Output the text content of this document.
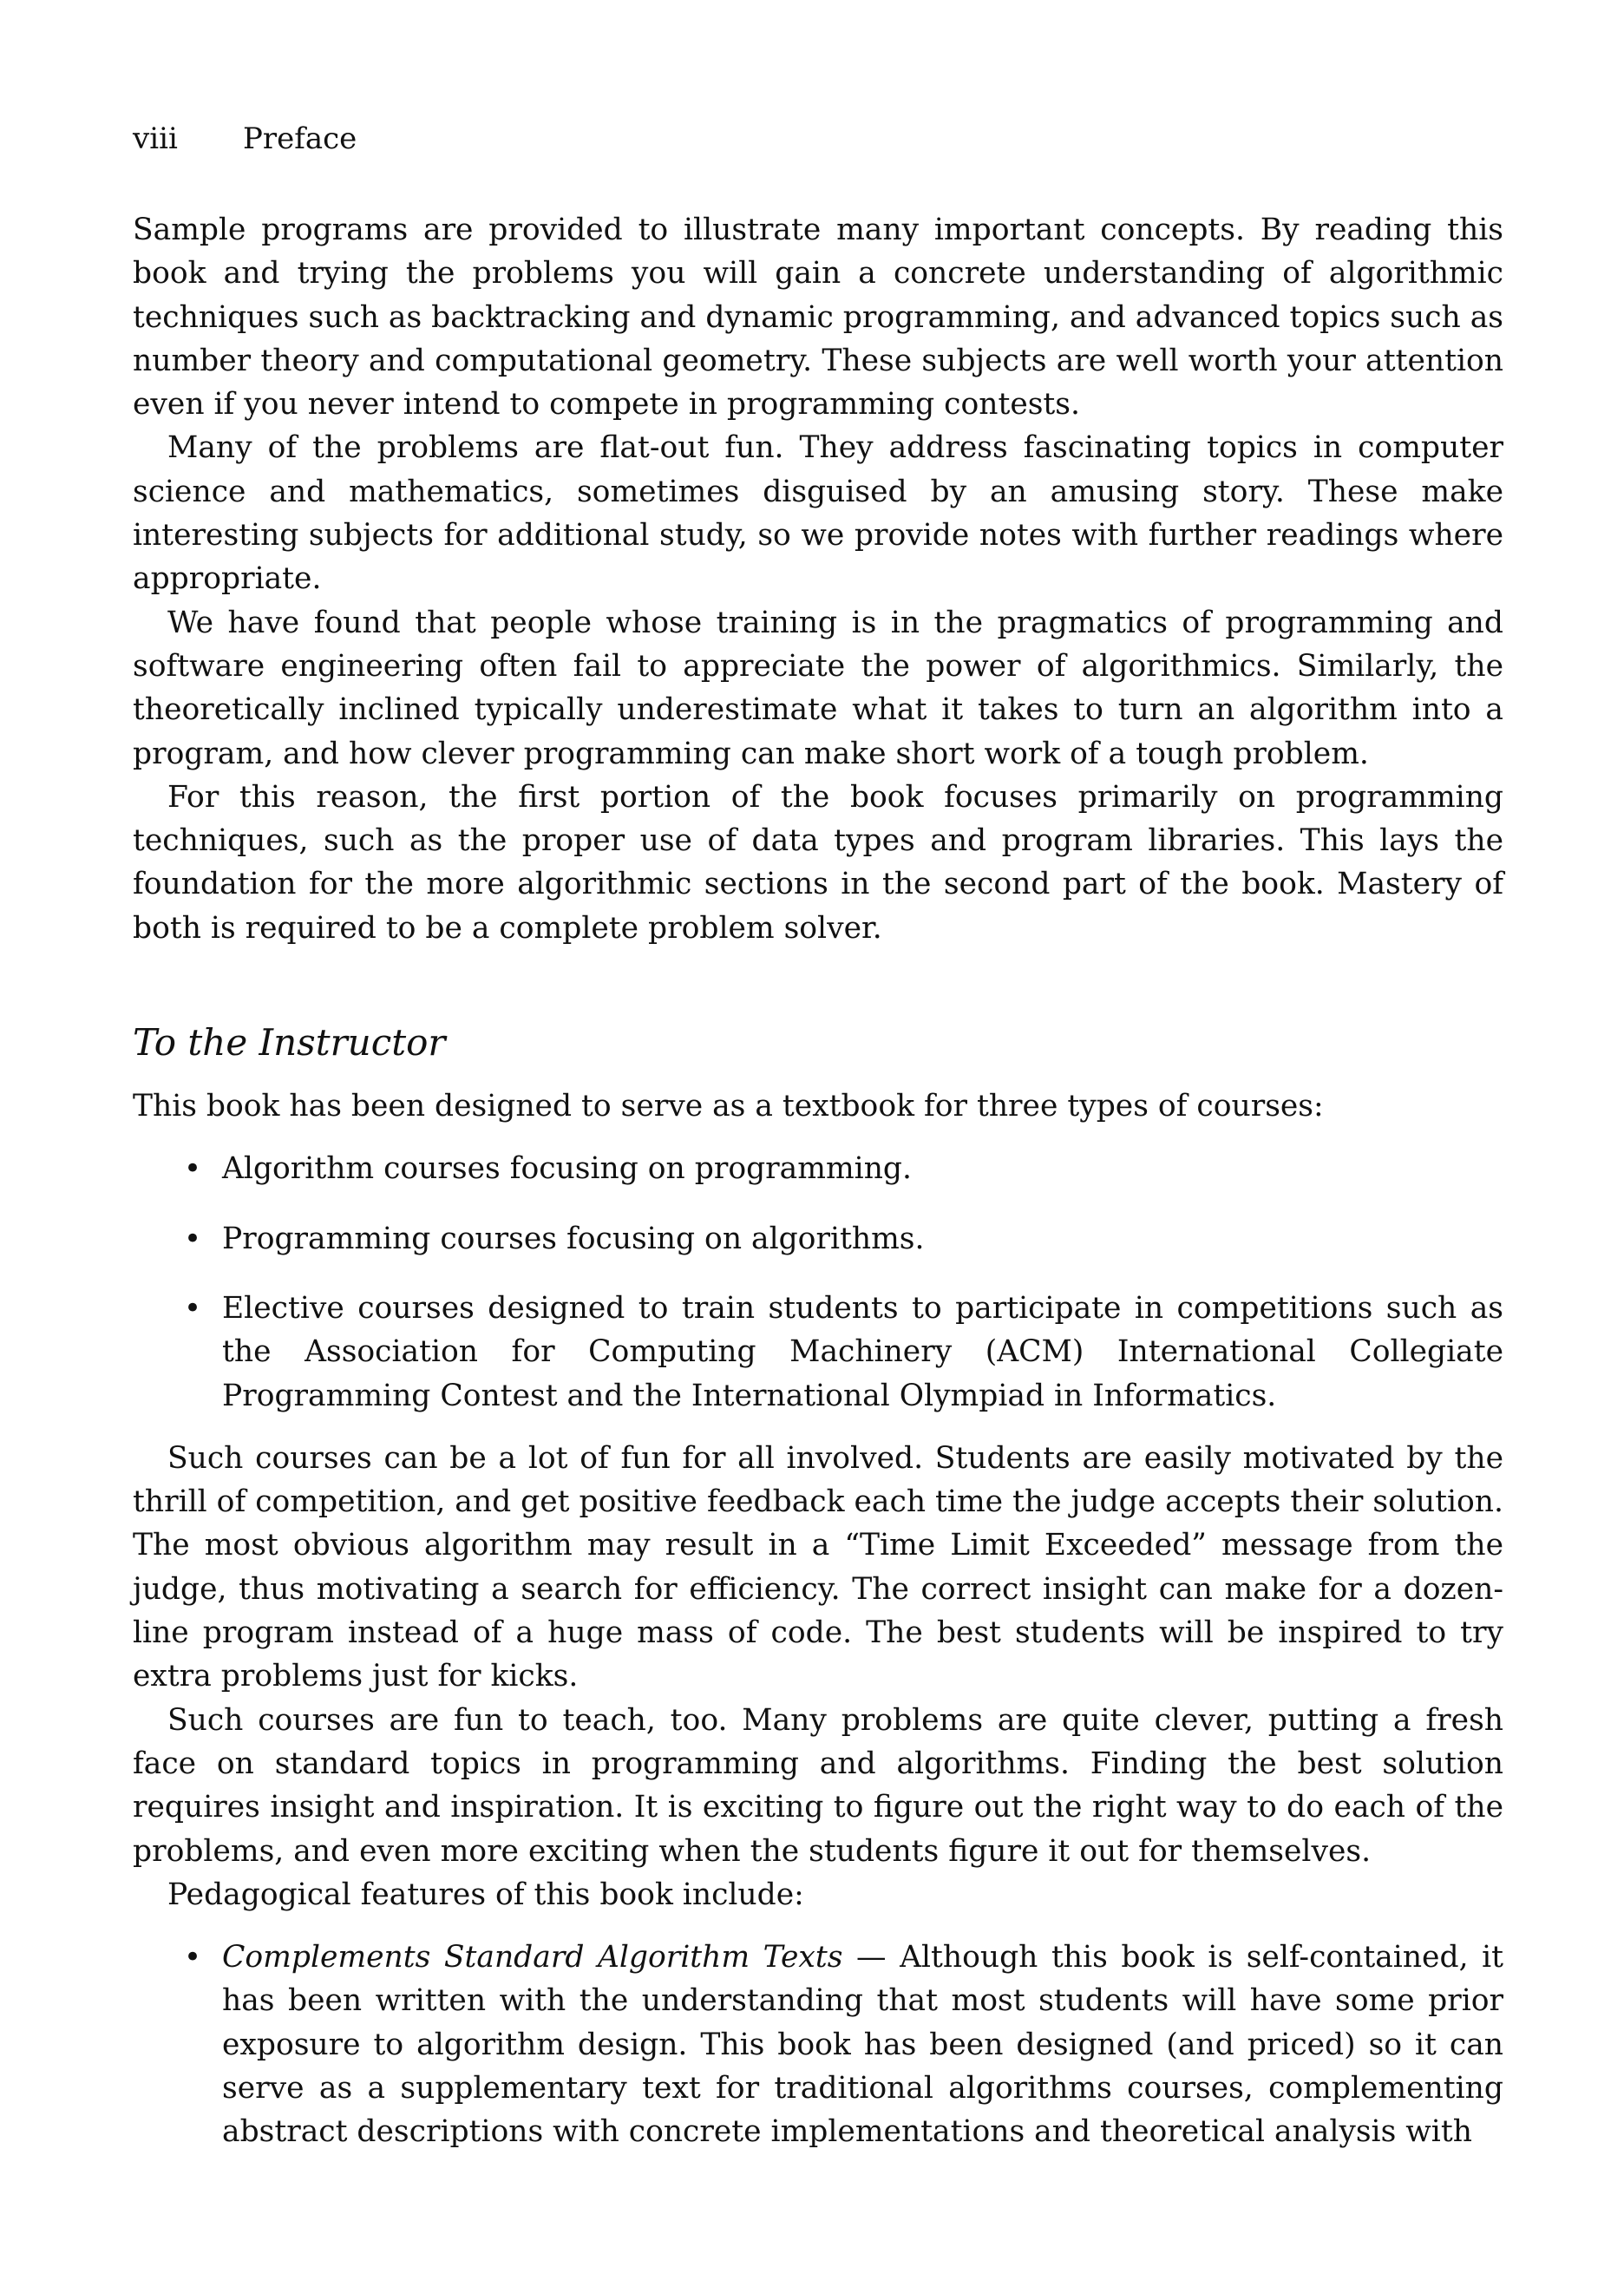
viii Preface

Sample programs are provided to illustrate many important concepts. By reading this book and trying the problems you will gain a concrete understanding of algorithmic techniques such as backtracking and dynamic programming, and advanced topics such as number theory and computational geometry. These subjects are well worth your attention even if you never intend to compete in programming contests.

Many of the problems are flat-out fun. They address fascinating topics in computer science and mathematics, sometimes disguised by an amusing story. These make interesting subjects for additional study, so we provide notes with further readings where appropriate.

We have found that people whose training is in the pragmatics of programming and software engineering often fail to appreciate the power of algorithmics. Similarly, the theoretically inclined typically underestimate what it takes to turn an algorithm into a program, and how clever programming can make short work of a tough problem.

For this reason, the first portion of the book focuses primarily on programming techniques, such as the proper use of data types and program libraries. This lays the foundation for the more algorithmic sections in the second part of the book. Mastery of both is required to be a complete problem solver.

To the Instructor

This book has been designed to serve as a textbook for three types of courses:

• Algorithm courses focusing on programming.
• Programming courses focusing on algorithms.
• Elective courses designed to train students to participate in competitions such as the Association for Computing Machinery (ACM) International Collegiate Programming Contest and the International Olympiad in Informatics.

Such courses can be a lot of fun for all involved. Students are easily motivated by the thrill of competition, and get positive feedback each time the judge accepts their solution. The most obvious algorithm may result in a “Time Limit Exceeded” message from the judge, thus motivating a search for efficiency. The correct insight can make for a dozen-line program instead of a huge mass of code. The best students will be inspired to try extra problems just for kicks.

Such courses are fun to teach, too. Many problems are quite clever, putting a fresh face on standard topics in programming and algorithms. Finding the best solution requires insight and inspiration. It is exciting to figure out the right way to do each of the problems, and even more exciting when the students figure it out for themselves.

Pedagogical features of this book include:

• Complements Standard Algorithm Texts — Although this book is self-contained, it has been written with the understanding that most students will have some prior exposure to algorithm design. This book has been designed (and priced) so it can serve as a supplementary text for traditional algorithms courses, complementing abstract descriptions with concrete implementations and theoretical analysis with
